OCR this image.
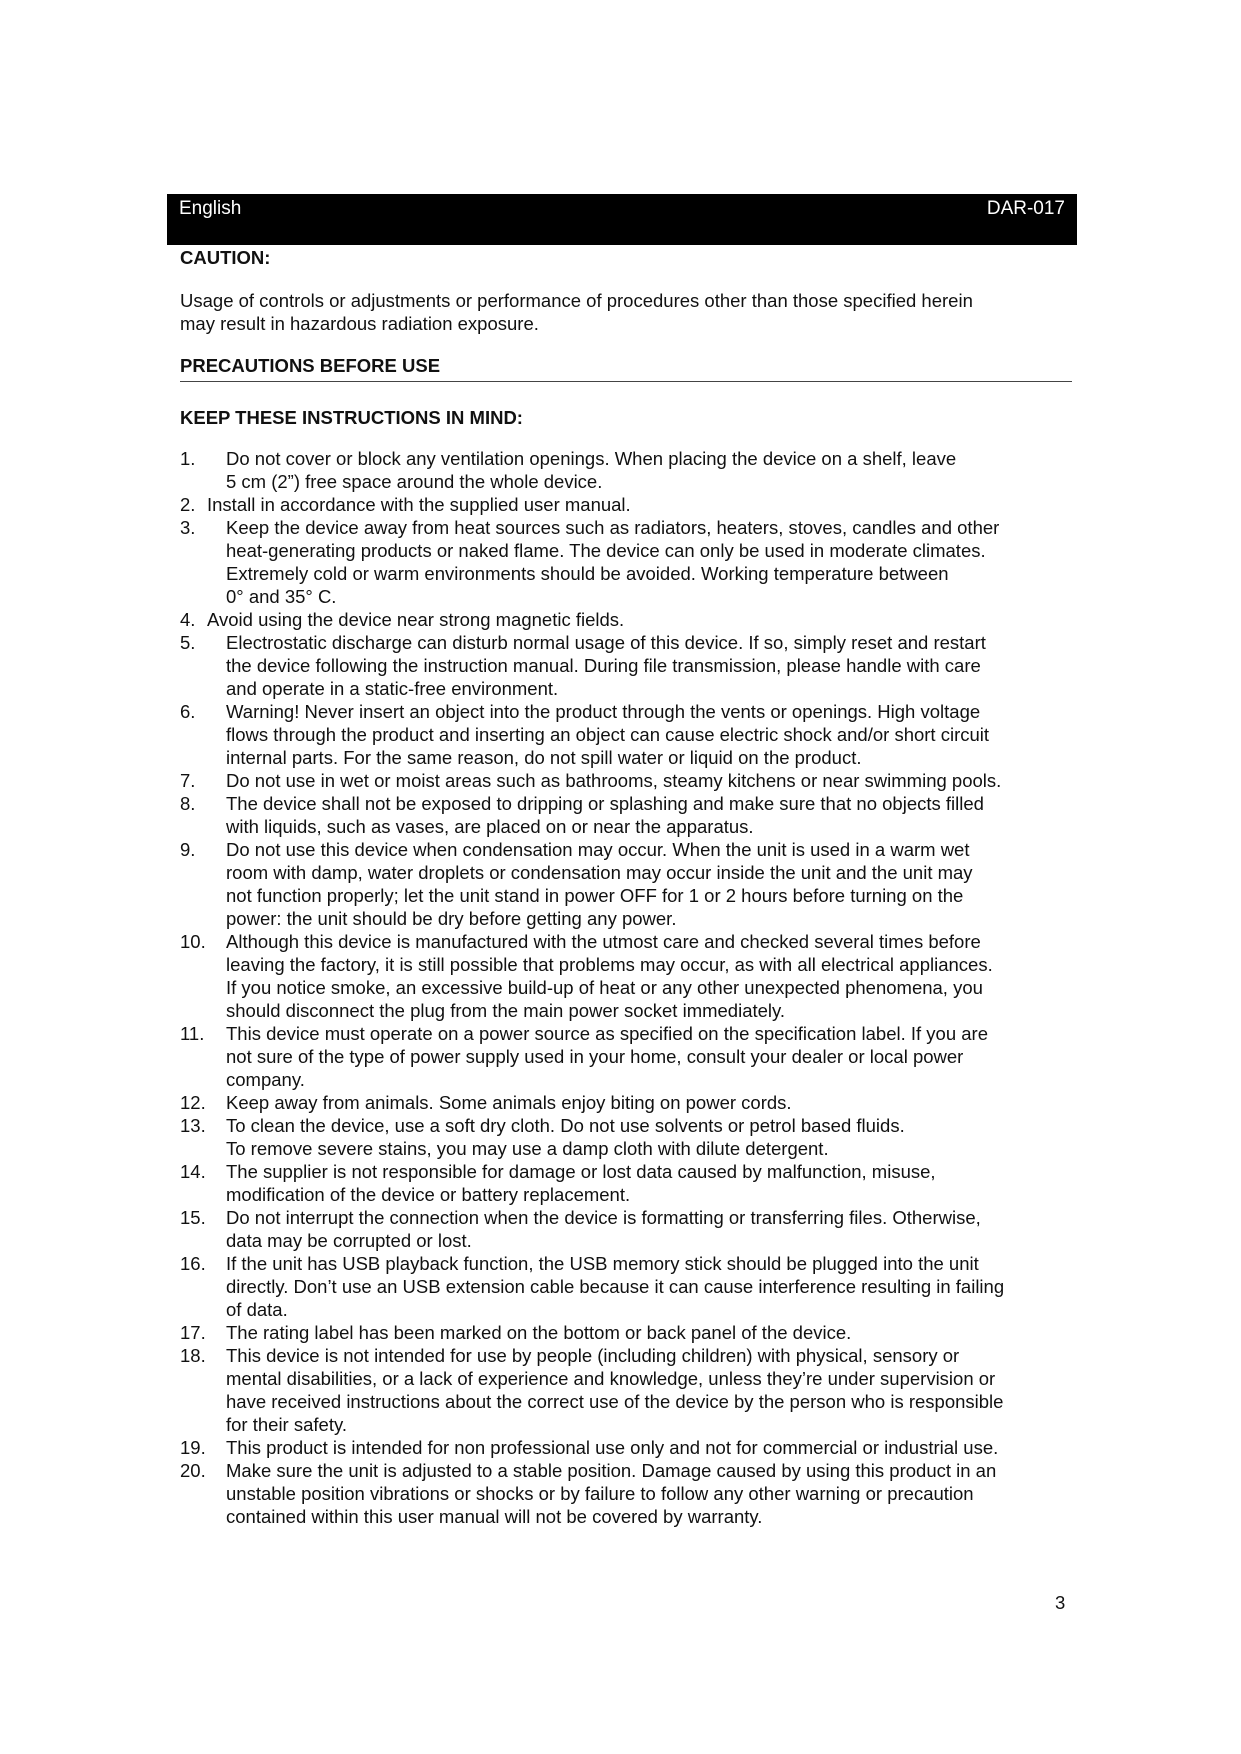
English	DAR-017
CAUTION:
Usage of controls or adjustments or performance of procedures other than those specified herein
may result in hazardous radiation exposure.
PRECAUTIONS BEFORE USE
KEEP THESE INSTRUCTIONS IN MIND:
1. Do not cover or block any ventilation openings. When placing the device on a shelf, leave
5 cm (2”) free space around the whole device.
2. Install in accordance with the supplied user manual.
3. Keep the device away from heat sources such as radiators, heaters, stoves, candles and other
heat-generating products or naked flame. The device can only be used in moderate climates.
Extremely cold or warm environments should be avoided. Working temperature between
0° and 35° C.
4. Avoid using the device near strong magnetic fields.
5. Electrostatic discharge can disturb normal usage of this device. If so, simply reset and restart
the device following the instruction manual. During file transmission, please handle with care
and operate in a static-free environment.
6. Warning! Never insert an object into the product through the vents or openings. High voltage
flows through the product and inserting an object can cause electric shock and/or short circuit
internal parts. For the same reason, do not spill water or liquid on the product.
7. Do not use in wet or moist areas such as bathrooms, steamy kitchens or near swimming pools.
8. The device shall not be exposed to dripping or splashing and make sure that no objects filled
with liquids, such as vases, are placed on or near the apparatus.
9. Do not use this device when condensation may occur. When the unit is used in a warm wet
room with damp, water droplets or condensation may occur inside the unit and the unit may
not function properly; let the unit stand in power OFF for 1 or 2 hours before turning on the
power: the unit should be dry before getting any power.
10. Although this device is manufactured with the utmost care and checked several times before
leaving the factory, it is still possible that problems may occur, as with all electrical appliances.
If you notice smoke, an excessive build-up of heat or any other unexpected phenomena, you
should disconnect the plug from the main power socket immediately.
11. This device must operate on a power source as specified on the specification label. If you are
not sure of the type of power supply used in your home, consult your dealer or local power
company.
12. Keep away from animals. Some animals enjoy biting on power cords.
13. To clean the device, use a soft dry cloth. Do not use solvents or petrol based fluids.
To remove severe stains, you may use a damp cloth with dilute detergent.
14. The supplier is not responsible for damage or lost data caused by malfunction, misuse,
modification of the device or battery replacement.
15. Do not interrupt the connection when the device is formatting or transferring files. Otherwise,
data may be corrupted or lost.
16. If the unit has USB playback function, the USB memory stick should be plugged into the unit
directly. Don’t use an USB extension cable because it can cause interference resulting in failing
of data.
17. The rating label has been marked on the bottom or back panel of the device.
18. This device is not intended for use by people (including children) with physical, sensory or
mental disabilities, or a lack of experience and knowledge, unless they’re under supervision or
have received instructions about the correct use of the device by the person who is responsible
for their safety.
19. This product is intended for non professional use only and not for commercial or industrial use.
20. Make sure the unit is adjusted to a stable position. Damage caused by using this product in an
unstable position vibrations or shocks or by failure to follow any other warning or precaution
contained within this user manual will not be covered by warranty.
3
